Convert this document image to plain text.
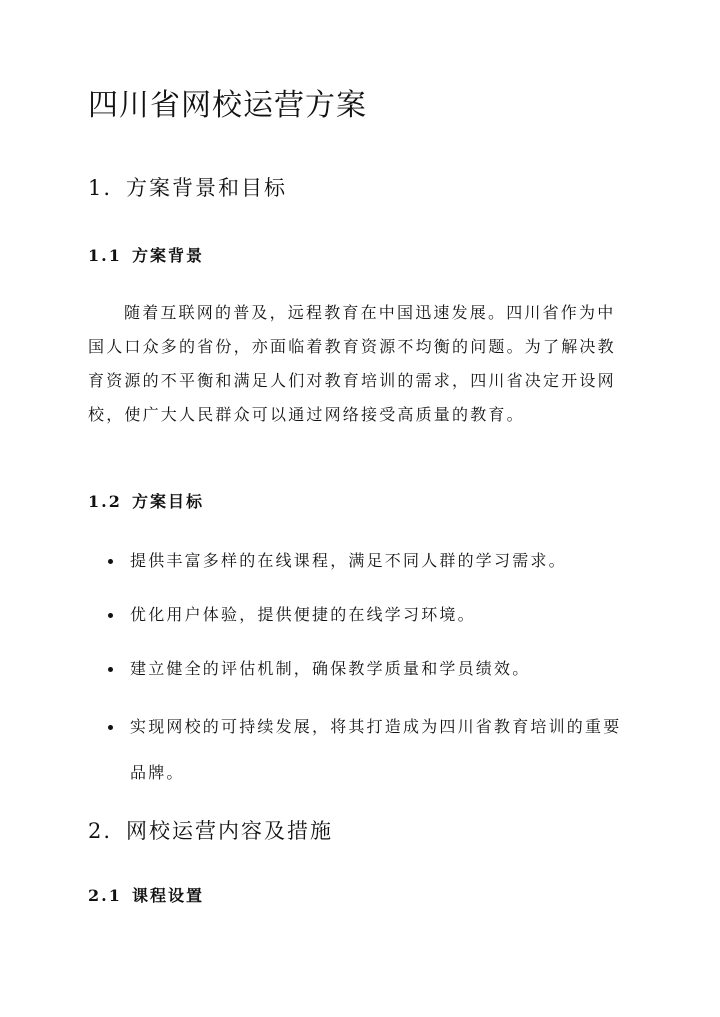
四川省网校运营方案
1. 方案背景和目标
1.1 方案背景

随着互联网的普及，远程教育在中国迅速发展。四川省作为中
国人口众多的省份，亦面临着教育资源不均衡的问题。为了解决教
育资源的不平衡和满足人们对教育培训的需求，四川省决定开设网
校，使广大人民群众可以通过网络接受高质量的教育。

1.2 方案目标
提供丰富多样的在线课程，满足不同人群的学习需求。
优化用户体验，提供便捷的在线学习环境。
建立健全的评估机制，确保教学质量和学员绩效。
实现网校的可持续发展，将其打造成为四川省教育培训的重要品牌。
2. 网校运营内容及措施
2.1 课程设置
